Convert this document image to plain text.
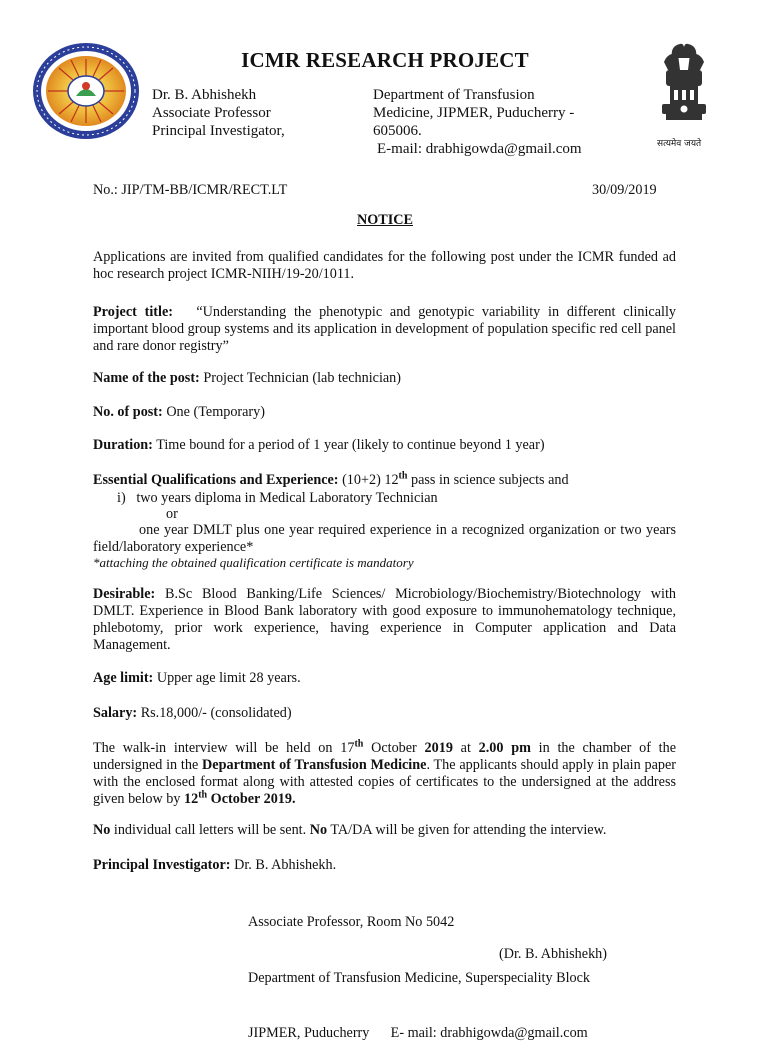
सत्यमेव जयते
ICMR RESEARCH PROJECT
Dr. B. Abhishekh
Associate Professor
Principal Investigator,
Department of Transfusion
Medicine, JIPMER, Puducherry -
605006.
E-mail: drabhigowda@gmail.com
No.: JIP/TM-BB/ICMR/RECT.LT	30/09/2019
NOTICE
Applications are invited from qualified candidates for the following post under the ICMR funded ad hoc research project ICMR-NIIH/19-20/1011.
Project title: “Understanding the phenotypic and genotypic variability in different clinically important blood group systems and its application in development of population specific red cell panel and rare donor registry”
Name of the post: Project Technician (lab technician)
No. of post: One (Temporary)
Duration: Time bound for a period of 1 year (likely to continue beyond 1 year)
Essential Qualifications and Experience: (10+2) 12th pass in science subjects and
i) two years diploma in Medical Laboratory Technician
or
one year DMLT plus one year required experience in a recognized organization or two years field/laboratory experience*
*attaching the obtained qualification certificate is mandatory
Desirable: B.Sc Blood Banking/Life Sciences/ Microbiology/Biochemistry/Biotechnology with DMLT. Experience in Blood Bank laboratory with good exposure to immunohematology technique, phlebotomy, prior work experience, having experience in Computer application and Data Management.
Age limit: Upper age limit 28 years.
Salary: Rs.18,000/- (consolidated)
The walk-in interview will be held on 17th October 2019 at 2.00 pm in the chamber of the undersigned in the Department of Transfusion Medicine. The applicants should apply in plain paper with the enclosed format along with attested copies of certificates to the undersigned at the address given below by 12th October 2019.
No individual call letters will be sent. No TA/DA will be given for attending the interview.
Principal Investigator: Dr. B. Abhishekh.

Associate Professor, Room No 5042

Department of Transfusion Medicine, Superspeciality Block

JIPMER, Puducherry      E- mail: drabhigowda@gmail.com

(Dr. B. Abhishekh)
